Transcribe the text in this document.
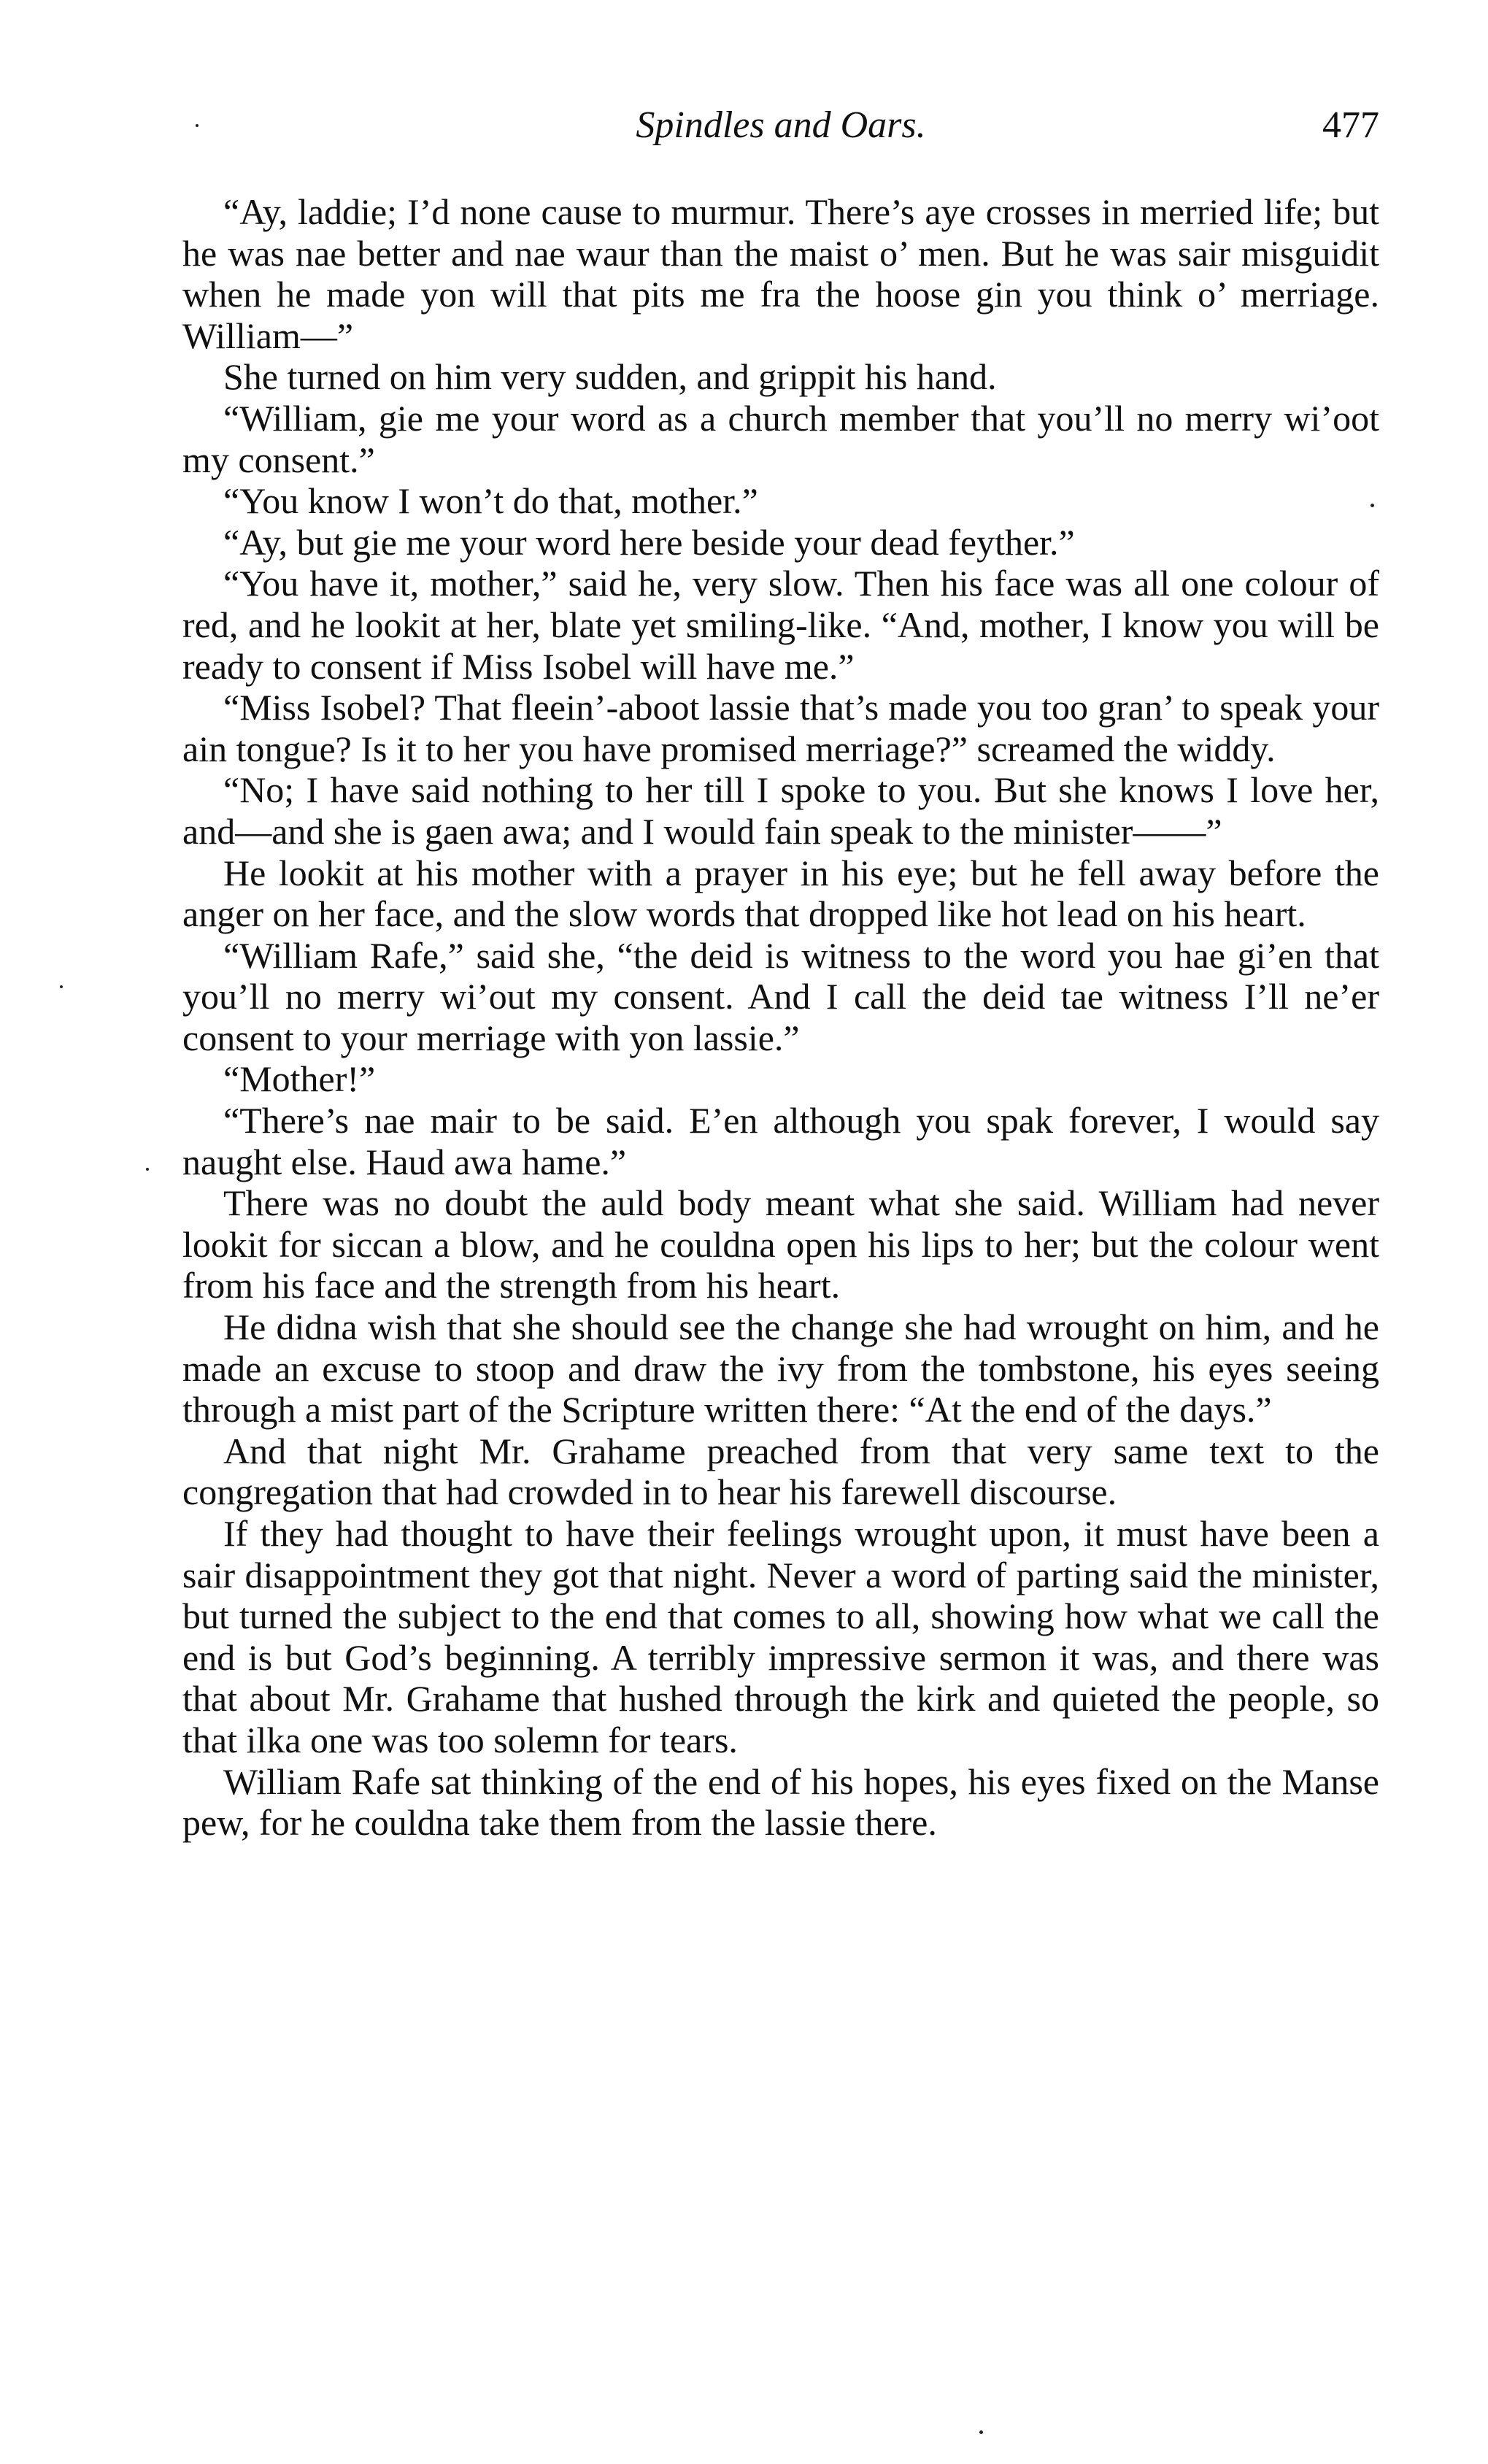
Spindles and Oars.	477

“Ay, laddie; I’d none cause to murmur. There’s aye crosses in merried life; but he was nae better and nae waur than the maist o’ men. But he was sair misguidit when he made yon will that pits me fra the hoose gin you think o’ merriage. William—”

She turned on him very sudden, and grippit his hand.

“William, gie me your word as a church member that you’ll no merry wi’oot my consent.”

“You know I won’t do that, mother.”

“Ay, but gie me your word here beside your dead feyther.”

“You have it, mother,” said he, very slow. Then his face was all one colour of red, and he lookit at her, blate yet smiling-like. “And, mother, I know you will be ready to consent if Miss Isobel will have me.”

“Miss Isobel? That fleein’-aboot lassie that’s made you too gran’ to speak your ain tongue? Is it to her you have promised merriage?” screamed the widdy.

“No; I have said nothing to her till I spoke to you. But she knows I love her, and—and she is gaen awa; and I would fain speak to the minister——”

He lookit at his mother with a prayer in his eye; but he fell away before the anger on her face, and the slow words that dropped like hot lead on his heart.

“William Rafe,” said she, “the deid is witness to the word you hae gi’en that you’ll no merry wi’out my consent. And I call the deid tae witness I’ll ne’er consent to your merriage with yon lassie.”

“Mother!”

“There’s nae mair to be said. E’en although you spak forever, I would say naught else. Haud awa hame.”

There was no doubt the auld body meant what she said. William had never lookit for siccan a blow, and he couldna open his lips to her; but the colour went from his face and the strength from his heart.

He didna wish that she should see the change she had wrought on him, and he made an excuse to stoop and draw the ivy from the tombstone, his eyes seeing through a mist part of the Scripture written there: “At the end of the days.”

And that night Mr. Grahame preached from that very same text to the congregation that had crowded in to hear his farewell discourse.

If they had thought to have their feelings wrought upon, it must have been a sair disappointment they got that night. Never a word of parting said the minister, but turned the subject to the end that comes to all, showing how what we call the end is but God’s beginning. A terribly impressive sermon it was, and there was that about Mr. Grahame that hushed through the kirk and quieted the people, so that ilka one was too solemn for tears.

William Rafe sat thinking of the end of his hopes, his eyes fixed on the Manse pew, for he couldna take them from the lassie there.
